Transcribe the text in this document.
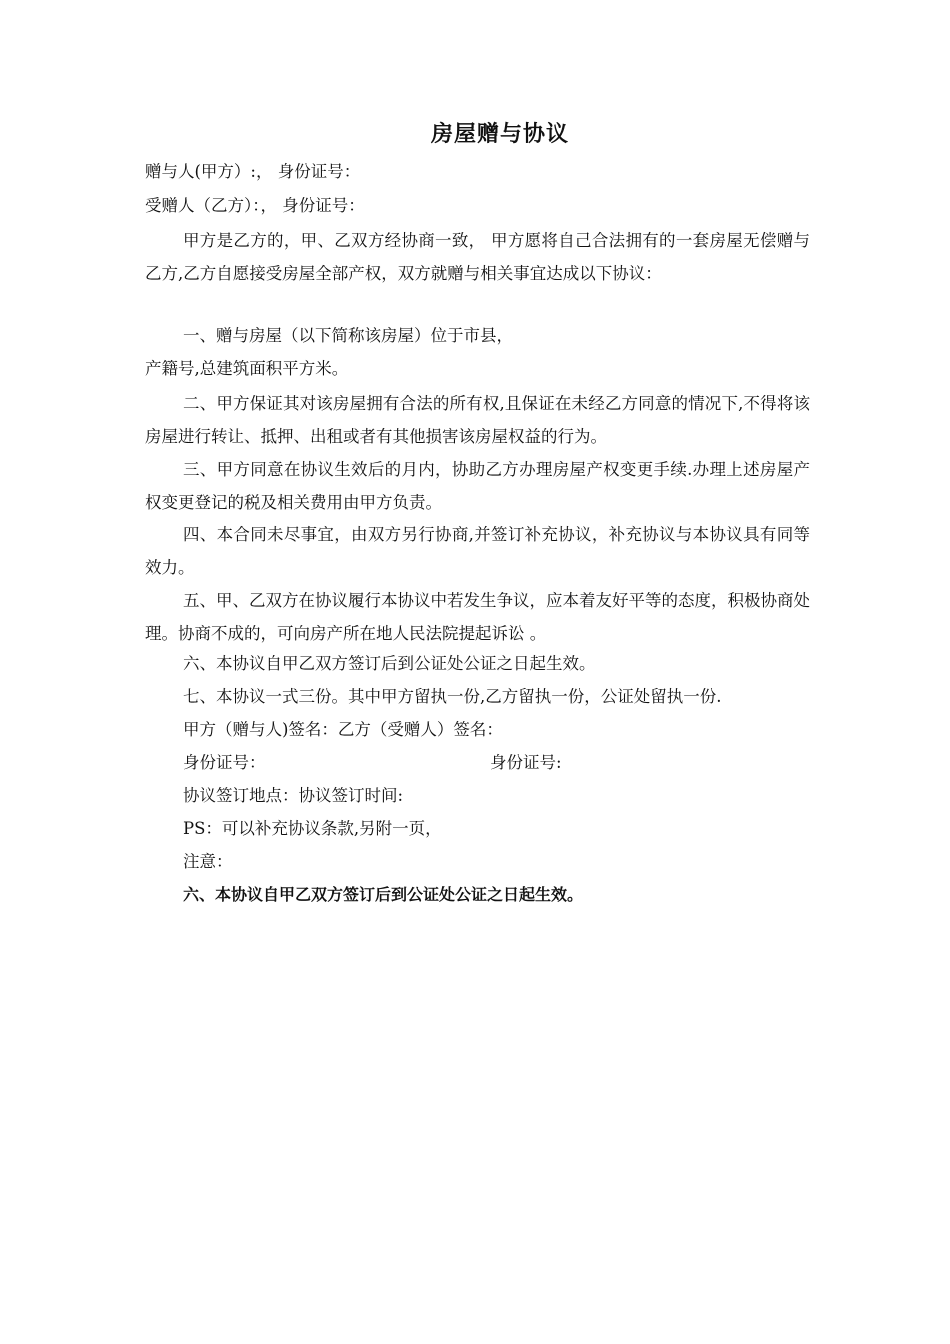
房屋赠与协议

赠与人(甲方）:， 身份证号：

受赠人（乙方）：， 身份证号：

甲方是乙方的，甲、乙双方经协商一致， 甲方愿将自己合法拥有的一套房屋无偿赠与乙方,乙方自愿接受房屋全部产权，双方就赠与相关事宜达成以下协议：

一、赠与房屋（以下简称该房屋）位于市县，

产籍号,总建筑面积平方米。

二、甲方保证其对该房屋拥有合法的所有权,且保证在未经乙方同意的情况下,不得将该房屋进行转让、抵押、出租或者有其他损害该房屋权益的行为。

三、甲方同意在协议生效后的月内，协助乙方办理房屋产权变更手续.办理上述房屋产权变更登记的税及相关费用由甲方负责。

四、本合同未尽事宜，由双方另行协商,并签订补充协议，补充协议与本协议具有同等效力。

五、甲、乙双方在协议履行本协议中若发生争议，应本着友好平等的态度，积极协商处理。协商不成的，可向房产所在地人民法院提起诉讼 。

六、本协议自甲乙双方签订后到公证处公证之日起生效。

七、本协议一式三份。其中甲方留执一份,乙方留执一份，公证处留执一份.

甲方（赠与人)签名：乙方（受赠人）签名：

身份证号：	身份证号:

协议签订地点：协议签订时间:

PS：可以补充协议条款,另附一页，

注意：

六、本协议自甲乙双方签订后到公证处公证之日起生效。
